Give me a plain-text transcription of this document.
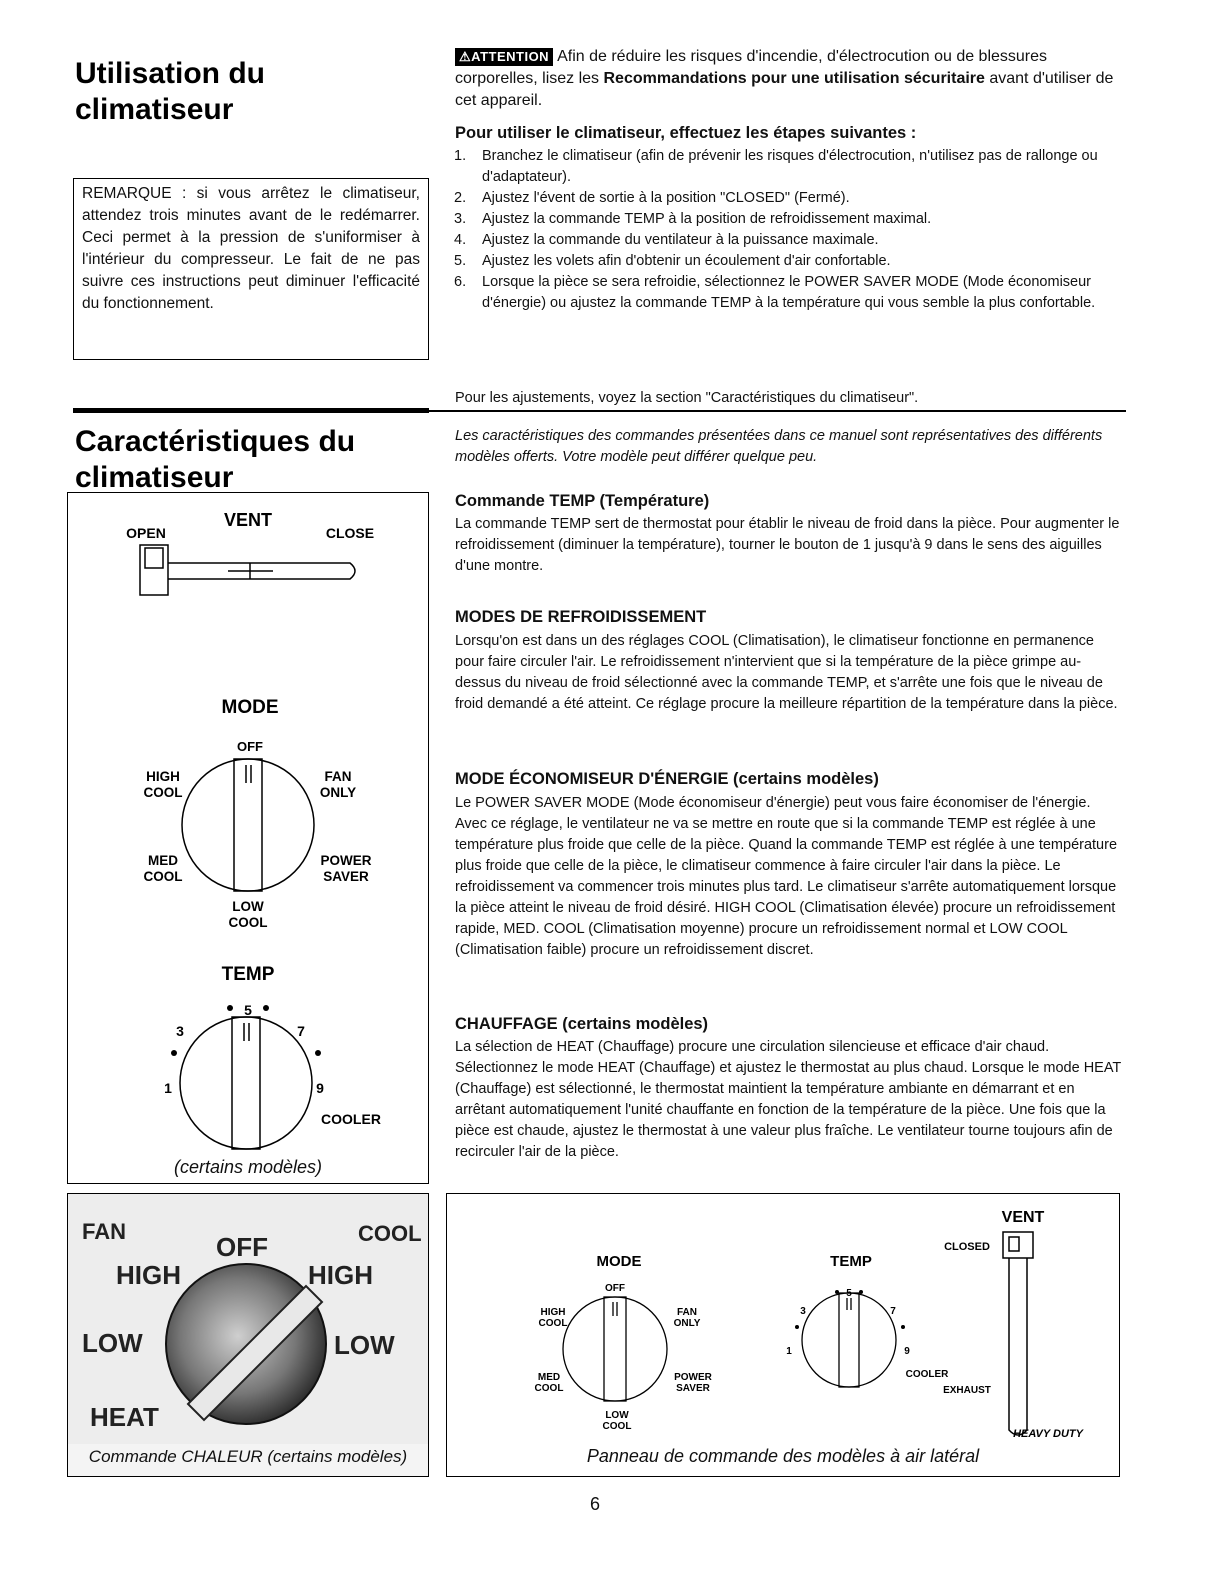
Utilisation du
climatiseur
REMARQUE : si vous arrêtez le climatiseur, attendez trois minutes avant de le redémarrer. Ceci permet à la pression de s'uniformiser à l'intérieur du compresseur. Le fait de ne pas suivre ces instructions peut diminuer l'efficacité du fonctionnement.
⚠ATTENTION Afin de réduire les risques d'incendie, d'électrocution ou de blessures corporelles, lisez les Recommandations pour une utilisation sécuritaire avant d'utiliser de cet appareil.
Pour utiliser le climatiseur, effectuez les étapes suivantes :
1. Branchez le climatiseur (afin de prévenir les risques d'électrocution, n'utilisez pas de rallonge ou d'adaptateur).
2. Ajustez l'évent de sortie à la position "CLOSED" (Fermé).
3. Ajustez la commande TEMP à la position de refroidissement maximal.
4. Ajustez la commande du ventilateur à la puissance maximale.
5. Ajustez les volets afin d'obtenir un écoulement d'air confortable.
6. Lorsque la pièce se sera refroidie, sélectionnez le POWER SAVER MODE (Mode économiseur d'énergie) ou ajustez la commande TEMP à la température qui vous semble la plus confortable.
Pour les ajustements, voyez la section "Caractéristiques du climatiseur".
Caractéristiques du
climatiseur
Les caractéristiques des commandes présentées dans ce manuel sont représentatives des différents modèles offerts. Votre modèle peut différer quelque peu.
Commande TEMP (Température)
La commande TEMP sert de thermostat pour établir le niveau de froid dans la pièce. Pour augmenter le refroidissement (diminuer la température), tourner le bouton de 1 jusqu'à 9 dans le sens des aiguilles d'une montre.
MODES DE REFROIDISSEMENT
Lorsqu'on est dans un des réglages COOL (Climatisation), le climatiseur fonctionne en permanence pour faire circuler l'air. Le refroidissement n'intervient que si la température de la pièce grimpe au-dessus du niveau de froid sélectionné avec la commande TEMP, et s'arrête une fois que le niveau de froid demandé a été atteint. Ce réglage procure la meilleure répartition de la température dans la pièce.
MODE ÉCONOMISEUR D'ÉNERGIE (certains modèles)
Le POWER SAVER MODE (Mode économiseur d'énergie) peut vous faire économiser de l'énergie. Avec ce réglage, le ventilateur ne va se mettre en route que si la commande TEMP est réglée à une température plus froide que celle de la pièce. Quand la commande TEMP est réglée à une température plus froide que celle de la pièce, le climatiseur commence à faire circuler l'air dans la pièce. Le refroidissement va commencer trois minutes plus tard. Le climatiseur s'arrête automatiquement lorsque la pièce atteint le niveau de froid désiré. HIGH COOL (Climatisation élevée) procure un refroidissement rapide, MED. COOL (Climatisation moyenne) procure un refroidissement normal et LOW COOL (Climatisation faible) procure un refroidissement discret.
CHAUFFAGE (certains modèles)
La sélection de HEAT (Chauffage) procure une circulation silencieuse et efficace d'air chaud. Sélectionnez le mode HEAT (Chauffage) et ajustez le thermostat au plus chaud. Lorsque le mode HEAT (Chauffage) est sélectionné, le thermostat maintient la température ambiante en démarrant et en arrêtant automatiquement l'unité chauffante en fonction de la température de la pièce. Une fois que la pièce est chaude, ajustez le thermostat à une valeur plus fraîche. Le ventilateur tourne toujours afin de recirculer l'air de la pièce.
VENT
OPEN	CLOSE
MODE
OFF
HIGH
COOL
FAN
ONLY
MED
COOL
POWER
SAVER
LOW
COOL
TEMP
5
3	7
1	9
COOLER
(certains modèles)
FAN
OFF	COOL
HIGH	HIGH
LOW	LOW
HEAT
Commande CHALEUR (certains modèles)
VENT
CLOSED
MODE	TEMP
OFF
HIGH
COOL
FAN
ONLY
MED
COOL
POWER
SAVER
LOW
COOL
5
3	7
1	9
COOLER
EXHAUST
HEAVY DUTY
Panneau de commande des modèles à air latéral
6
